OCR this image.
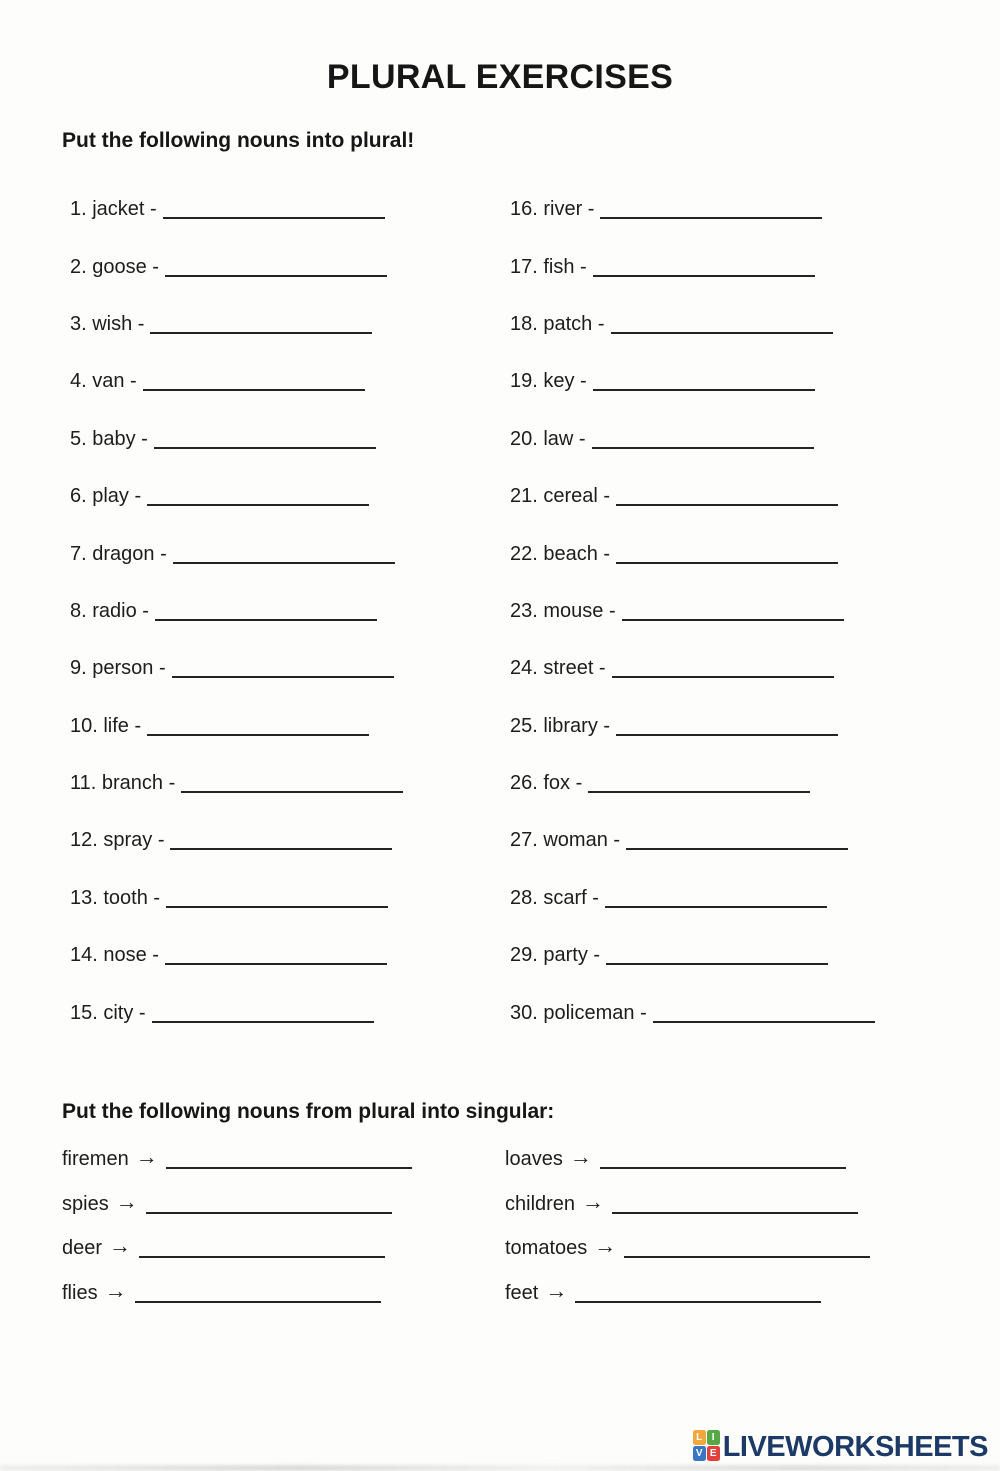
PLURAL EXERCISES
Put the following nouns into plural!
1. jacket -
2. goose -
3. wish -
4. van -
5. baby -
6. play -
7. dragon -
8. radio -
9. person -
10. life -
11. branch -
12. spray -
13. tooth -
14. nose -
15. city -
16. river -
17. fish -
18. patch -
19. key -
20. law -
21. cereal -
22. beach -
23. mouse -
24. street -
25. library -
26. fox -
27. woman -
28. scarf -
29. party -
30. policeman -
Put the following nouns from plural into singular:
firemen →
spies →
deer →
flies →
loaves →
children →
tomatoes →
feet →
L I
V E LIVEWORKSHEETS
